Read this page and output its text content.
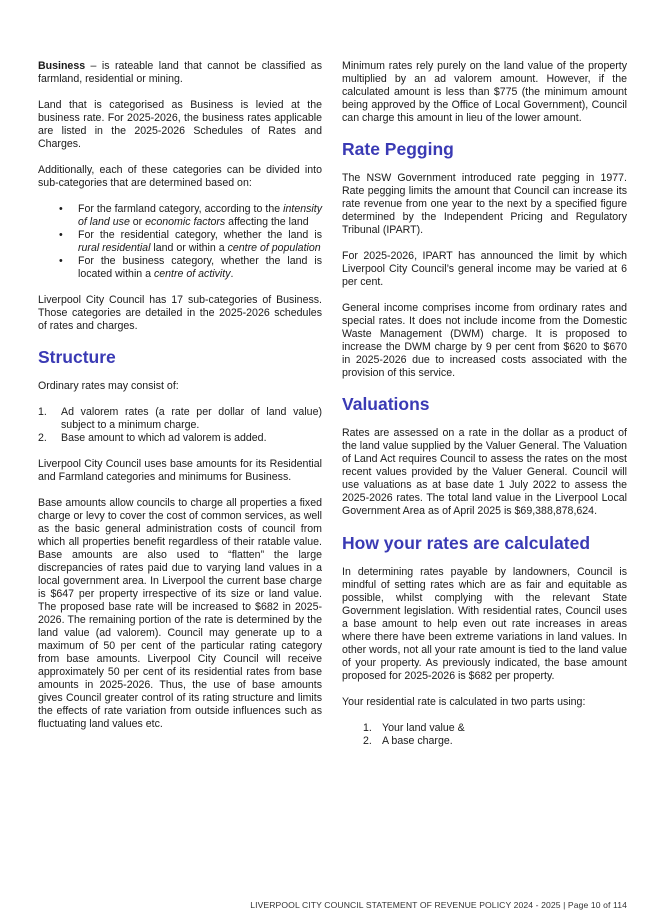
Business – is rateable land that cannot be classified as farmland, residential or mining.

Land that is categorised as Business is levied at the business rate. For 2025-2026, the business rates applicable are listed in the 2025-2026 Schedules of Rates and Charges.

Additionally, each of these categories can be divided into sub-categories that are determined based on:

• For the farmland category, according to the intensity of land use or economic factors affecting the land
• For the residential category, whether the land is rural residential land or within a centre of population
• For the business category, whether the land is located within a centre of activity.

Liverpool City Council has 17 sub-categories of Business. Those categories are detailed in the 2025-2026 schedules of rates and charges.

Structure

Ordinary rates may consist of:

1. Ad valorem rates (a rate per dollar of land value) subject to a minimum charge.
2. Base amount to which ad valorem is added.

Liverpool City Council uses base amounts for its Residential and Farmland categories and minimums for Business.

Base amounts allow councils to charge all properties a fixed charge or levy to cover the cost of common services, as well as the basic general administration costs of council from which all properties benefit regardless of their ratable value. Base amounts are also used to “flatten” the large discrepancies of rates paid due to varying land values in a local government area. In Liverpool the current base charge is $647 per property irrespective of its size or land value. The proposed base rate will be increased to $682 in 2025-2026. The remaining portion of the rate is determined by the land value (ad valorem). Council may generate up to a maximum of 50 per cent of the particular rating category from base amounts. Liverpool City Council will receive approximately 50 per cent of its residential rates from base amounts in 2025-2026. Thus, the use of base amounts gives Council greater control of its rating structure and limits the effects of rate variation from outside influences such as fluctuating land values etc.

Minimum rates rely purely on the land value of the property multiplied by an ad valorem amount. However, if the calculated amount is less than $775 (the minimum amount being approved by the Office of Local Government), Council can charge this amount in lieu of the lower amount.

Rate Pegging

The NSW Government introduced rate pegging in 1977. Rate pegging limits the amount that Council can increase its rate revenue from one year to the next by a specified figure determined by the Independent Pricing and Regulatory Tribunal (IPART).

For 2025-2026, IPART has announced the limit by which Liverpool City Council’s general income may be varied at 6 per cent.

General income comprises income from ordinary rates and special rates. It does not include income from the Domestic Waste Management (DWM) charge. It is proposed to increase the DWM charge by 9 per cent from $620 to $670 in 2025-2026 due to increased costs associated with the provision of this service.

Valuations

Rates are assessed on a rate in the dollar as a product of the land value supplied by the Valuer General. The Valuation of Land Act requires Council to assess the rates on the most recent values provided by the Valuer General. Council will use valuations as at base date 1 July 2022 to assess the 2025-2026 rates. The total land value in the Liverpool Local Government Area as of April 2025 is $69,388,878,624.

How your rates are calculated

In determining rates payable by landowners, Council is mindful of setting rates which are as fair and equitable as possible, whilst complying with the relevant State Government legislation. With residential rates, Council uses a base amount to help even out rate increases in areas where there have been extreme variations in land values. In other words, not all your rate amount is tied to the land value of your property. As previously indicated, the base amount proposed for 2025-2026 is $682 per property.

Your residential rate is calculated in two parts using:

1. Your land value &
2. A base charge.
LIVERPOOL CITY COUNCIL STATEMENT OF REVENUE POLICY 2024 - 2025 | Page 10 of 114
